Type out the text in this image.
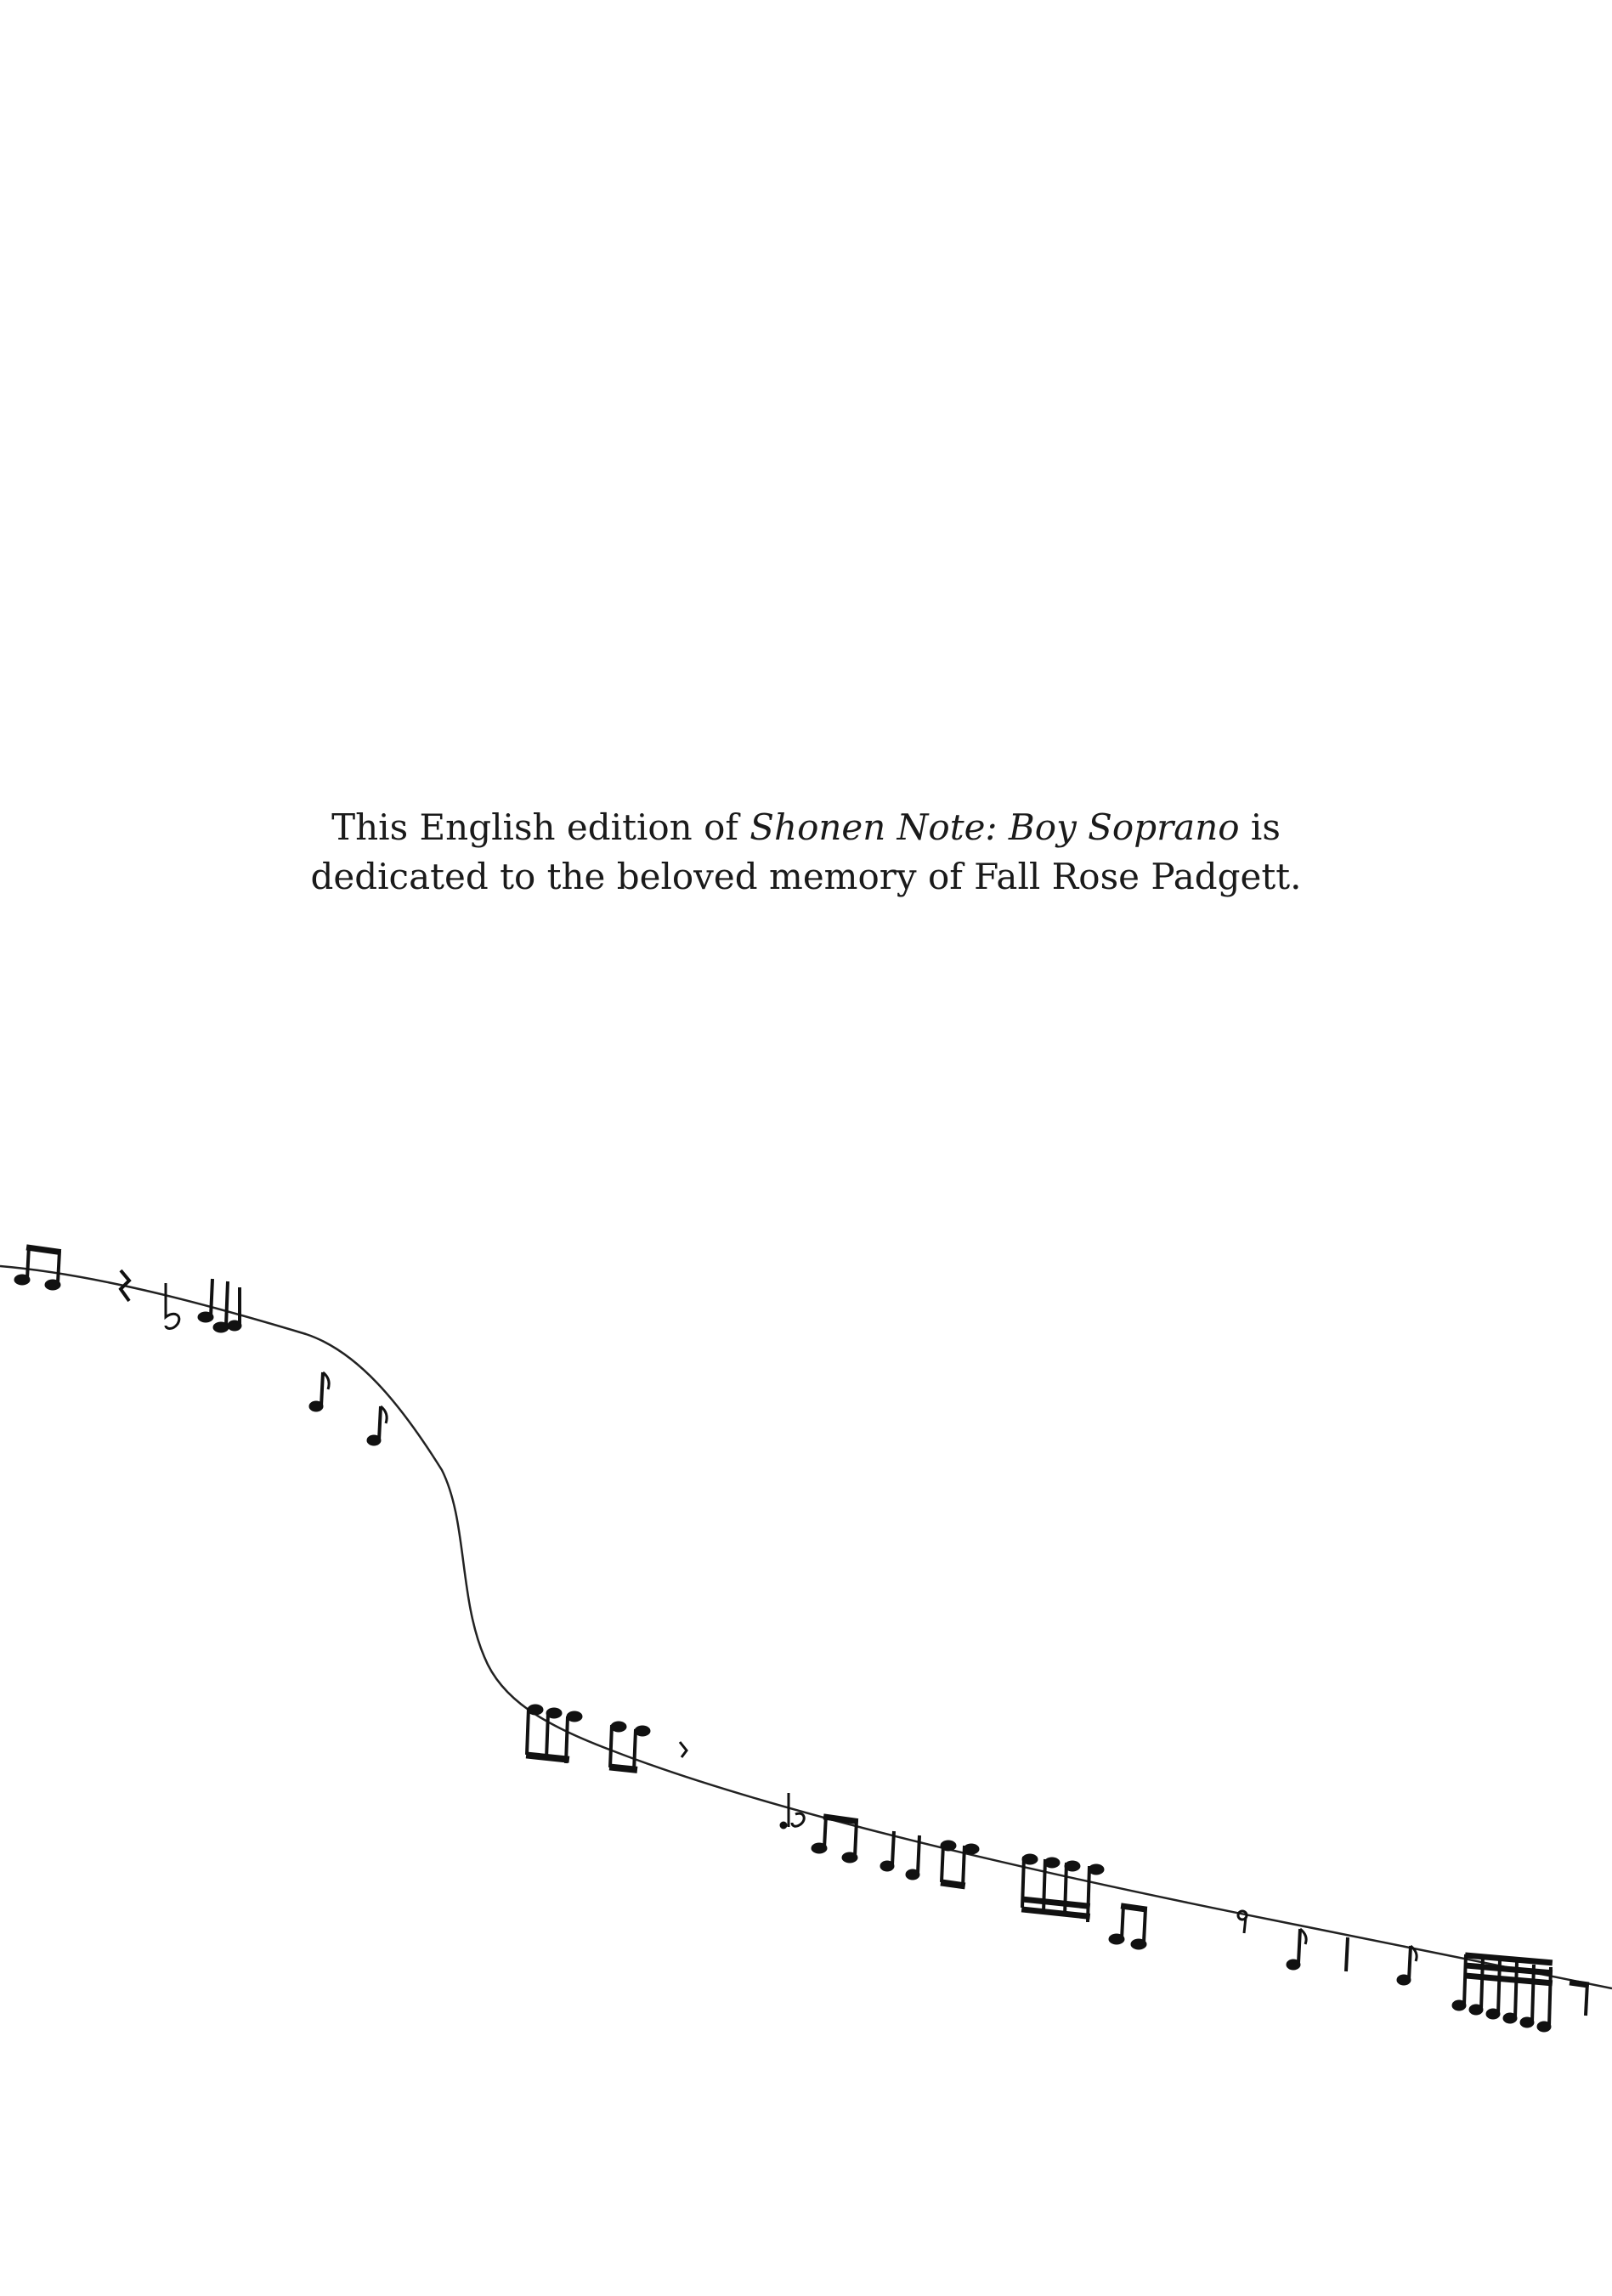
This English edition of Shonen Note: Boy Soprano is
dedicated to the beloved memory of Fall Rose Padgett.
